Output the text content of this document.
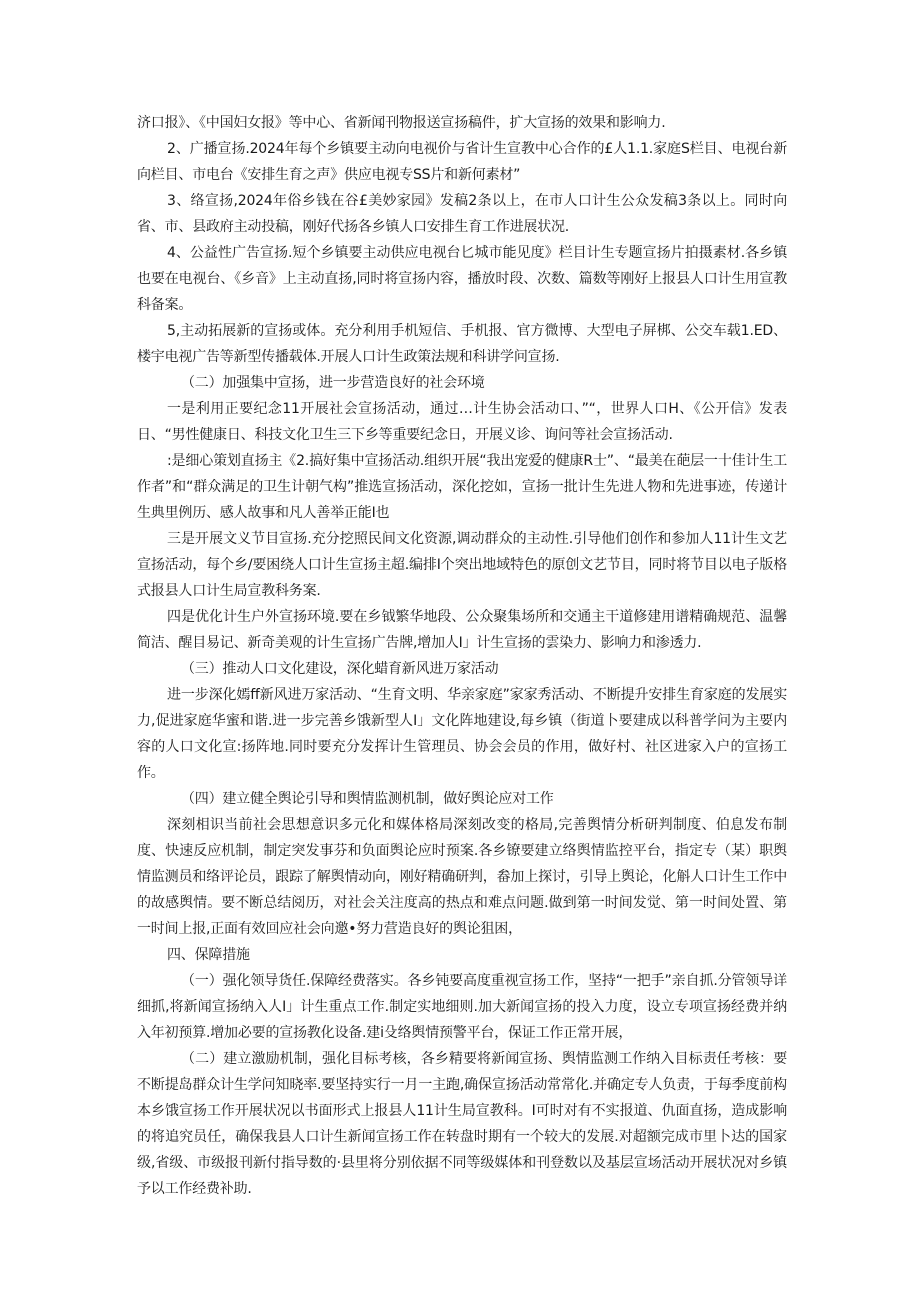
济口报》、《中国妇女报》等中心、省新闻刊物报送宣扬稿件，扩大宣扬的效果和影响力.

2、广播宣扬.2024年每个乡镇要主动向电视价与省计生宣教中心合作的£人1.1.家庭S栏目、电视台新向栏目、市电台《安排生育之声》供应电视专SS片和新何素材”

3、络宣扬,2024年俗乡钱在谷£美妙家园》发稿2条以上，在市人口计生公众发稿3条以上。同时向省、市、县政府主动投稿，刚好代扬各乡镇人口安排生育工作进展状况.

4、公益性广告宣扬.短个乡镇要主动供应电视台匕城市能见度》栏目计生专题宣扬片拍摄素材.各乡镇也要在电视台、《乡音》上主动直扬,同时将宣扬内容，播放时段、次数、篇数等刚好上报县人口计生用宣教科备案。

5,主动拓展新的宣扬或体。充分利用手机短信、手机报、官方微博、大型电子屏梆、公交车载1.ED、楼宇电视广告等新型传播载体.开展人口计生政策法规和科讲学问宣扬.

（二）加强集中宣扬，进一步营造良好的社会环境

一是利用正要纪念11开展社会宣扬活动，通过…计生协会活动口、”“，世界人口H、《公开信》发表日、“男性健康日、科技文化卫生三下乡等重要纪念日，开展义诊、询问等社会宣扬活动.

:是细心策划直扬主《2.搞好集中宣扬活动.组织开展“我出宠爱的健康R士”、“最美在葩层一十佳计生工作者”和“群众满足的卫生计朝气构”推选宣扬活动，深化挖如，宣扬一批计生先进人物和先进事迹，传递计生典里例历、感人故事和凡人善举正能I也

三是开展文义节目宣扬.充分挖照民间文化资源,调动群众的主动性.引导他们创作和参加人11计生文艺宣扬活动，每个乡/要困绕人口计生宣扬主超.编排I个突出地域特色的原创文艺节目，同时将节目以电子版格式报县人口计生局宣教科务案.

四是优化计生户外宣扬环境.要在乡钺繁华地段、公众聚集场所和交通主干道修建用谱精确规范、温馨简洁、醒目易记、新奇美观的计生宣扬广告牌,增加人I」计生宣扬的雲染力、影响力和渗透力.

（三）推动人口文化建设，深化蜡育新风进万家活动

进一步深化嫣ff新风进万家活动、“生育文明、华亲家庭”家家秀活动、不断提升安排生育家庭的发展实力,促进家庭华蜜和谐.进一步完善乡饿新型人I」文化阵地建设,每乡镇（街道卜要建成以科普学问为主要内容的人口文化宣:扬阵地.同时要充分发挥计生管理员、协会会员的作用，做好村、社区进家入户的宣扬工作。

（四）建立健全舆论引导和舆情监测机制，做好舆论应对工作

深刻相识当前社会思想意识多元化和媒体格局深刻改变的格局,完善舆情分析研判制度、伯息发布制度、快速反应机制，制定突发事芬和负面舆论应时预案.各乡镣要建立络舆情监控平台，指定专（某）职舆情监测员和络评论员，跟踪了解舆情动向，刚好精确研判，畚加上探讨，引导上舆论，化斛人口计生工作中的故感舆情。要不断总结阅历，对社会关注度高的热点和难点问题.做到第一时间发觉、第一时间处置、第一时间上报,正面有效回应社会向邀•努力营造良好的舆论狙困，

四、保障措施

（一）强化领导货任.保障经费落实。各乡钝要高度重视宣扬工作，坚持“一把手”亲自抓.分管领导详细抓,将新闻宣扬纳入人I」计生重点工作.制定实地细则.加大新闻宣扬的投入力度，设立专项宣扬经费并纳入年初预算.增加必要的宣扬教化设备.建i殳络舆情预警平台，保证工作正常开展，

（二）建立激励机制，强化目标考核，各乡精要将新闻宣扬、舆情监测工作纳入目标责任考核：要不断提岛群众计生学问知晓率.要坚持实行一月一主跑,确保宣扬活动常常化.并确定专人负责，于每季度前构本乡饿宣扬工作开展状况以书面形式上报县人11计生局宣教科。I可时对有不实报道、仇面直扬，造成影响的将追究员任，确保我县人口计生新闻宣扬工作在转盘时期有一个较大的发展.对超额完成市里卜达的国家级,省级、市级报刊新付指导数的·县里将分别依据不同等级媒体和刊登数以及基层宣场活动开展状况对乡镇予以工作经费补助.
